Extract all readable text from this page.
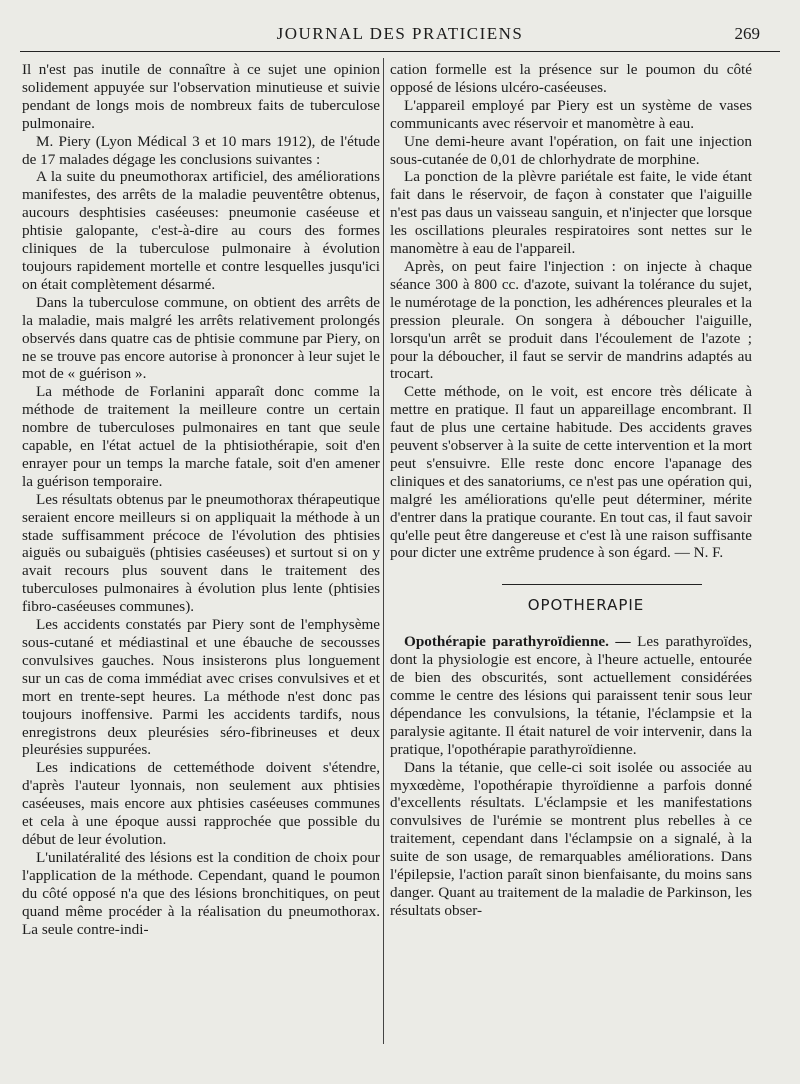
JOURNAL DES PRATICIENS	269

Il n'est pas inutile de connaître à ce sujet une opinion solidement appuyée sur l'observation minutieuse et suivie pendant de longs mois de nombreux faits de tuberculose pulmonaire.

M. Piery (Lyon Médical 3 et 10 mars 1912), de l'étude de 17 malades dégage les conclusions suivantes :

A la suite du pneumothorax artificiel, des améliorations manifestes, des arrêts de la maladie peuventêtre obtenus, aucours desphtisies caséeuses: pneumonie caséeuse et phtisie galopante, c'est-à-dire au cours des formes cliniques de la tuberculose pulmonaire à évolution toujours rapidement mortelle et contre lesquelles jusqu'ici on était complètement désarmé.

Dans la tuberculose commune, on obtient des arrêts de la maladie, mais malgré les arrêts relativement prolongés observés dans quatre cas de phtisie commune par Piery, on ne se trouve pas encore autorise à prononcer à leur sujet le mot de « guérison ».

La méthode de Forlanini apparaît donc comme la méthode de traitement la meilleure contre un certain nombre de tuberculoses pulmonaires en tant que seule capable, en l'état actuel de la phtisiothérapie, soit d'en enrayer pour un temps la marche fatale, soit d'en amener la guérison temporaire.

Les résultats obtenus par le pneumothorax thérapeutique seraient encore meilleurs si on appliquait la méthode à un stade suffisamment précoce de l'évolution des phtisies aiguës ou subaiguës (phtisies caséeuses) et surtout si on y avait recours plus souvent dans le traitement des tuberculoses pulmonaires à évolution plus lente (phtisies fibro-caséeuses communes).

Les accidents constatés par Piery sont de l'emphysème sous-cutané et médiastinal et une ébauche de secousses convulsives gauches. Nous insisterons plus longuement sur un cas de coma immédiat avec crises convulsives et et mort en trente-sept heures. La méthode n'est donc pas toujours inoffensive. Parmi les accidents tardifs, nous enregistrons deux pleurésies séro-fibrineuses et deux pleurésies suppurées.

Les indications de cetteméthode doivent s'étendre, d'après l'auteur lyonnais, non seulement aux phtisies caséeuses, mais encore aux phtisies caséeuses communes et cela à une époque aussi rapprochée que possible du début de leur évolution.

L'unilatéralité des lésions est la condition de choix pour l'application de la méthode. Cependant, quand le poumon du côté opposé n'a que des lésions bronchitiques, on peut quand même procéder à la réalisation du pneumothorax. La seule contre-indi-

cation formelle est la présence sur le poumon du côté opposé de lésions ulcéro-caséeuses.

L'appareil employé par Piery est un système de vases communicants avec réservoir et manomètre à eau.

Une demi-heure avant l'opération, on fait une injection sous-cutanée de 0,01 de chlorhydrate de morphine.

La ponction de la plèvre pariétale est faite, le vide étant fait dans le réservoir, de façon à constater que l'aiguille n'est pas daus un vaisseau sanguin, et n'injecter que lorsque les oscillations pleurales respiratoires sont nettes sur le manomètre à eau de l'appareil.

Après, on peut faire l'injection : on injecte à chaque séance 300 à 800 cc. d'azote, suivant la tolérance du sujet, le numérotage de la ponction, les adhérences pleurales et la pression pleurale. On songera à déboucher l'aiguille, lorsqu'un arrêt se produit dans l'écoulement de l'azote ; pour la déboucher, il faut se servir de mandrins adaptés au trocart.

Cette méthode, on le voit, est encore très délicate à mettre en pratique. Il faut un appareillage encombrant. Il faut de plus une certaine habitude. Des accidents graves peuvent s'observer à la suite de cette intervention et la mort peut s'ensuivre. Elle reste donc encore l'apanage des cliniques et des sanatoriums, ce n'est pas une opération qui, malgré les améliorations qu'elle peut déterminer, mérite d'entrer dans la pratique courante. En tout cas, il faut savoir qu'elle peut être dangereuse et c'est là une raison suffisante pour dicter une extrême prudence à son égard. — N. F.

OPOTHERAPIE

Opothérapie parathyroïdienne. — Les parathyroïdes, dont la physiologie est encore, à l'heure actuelle, entourée de bien des obscurités, sont actuellement considérées comme le centre des lésions qui paraissent tenir sous leur dépendance les convulsions, la tétanie, l'éclampsie et la paralysie agitante. Il était naturel de voir intervenir, dans la pratique, l'opothérapie parathyroïdienne.

Dans la tétanie, que celle-ci soit isolée ou associée au myxœdème, l'opothérapie thyroïdienne a parfois donné d'excellents résultats. L'éclampsie et les manifestations convulsives de l'urémie se montrent plus rebelles à ce traitement, cependant dans l'éclampsie on a signalé, à la suite de son usage, de remarquables améliorations. Dans l'épilepsie, l'action paraît sinon bienfaisante, du moins sans danger. Quant au traitement de la maladie de Parkinson, les résultats obser-
